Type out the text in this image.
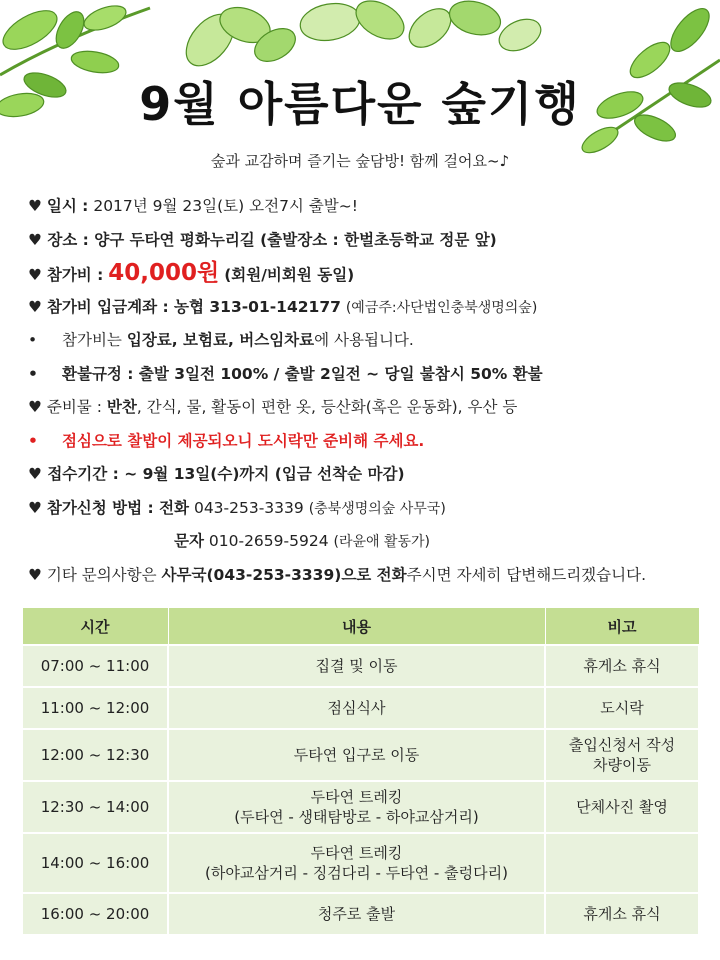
9월 아름다운 숲기행
숲과 교감하며 즐기는 숲담방! 함께 걸어요~♪
♥ 일시 : 2017년 9월 23일(토) 오전7시 출발~!
♥ 장소 : 양구 두타연 평화누리길 (출발장소 : 한벌초등학교 정문 앞)
♥ 참가비 : 40,000원 (회원/비회원 동일)
♥ 참가비 입금계좌 : 농협 313-01-142177 (예금주:사단법인충북생명의숲)
• 참가비는 입장료, 보험료, 버스임차료에 사용됩니다.
• 환불규정 : 출발 3일전 100% / 출발 2일전 ~ 당일 불참시 50% 환불
♥ 준비물 : 반찬, 간식, 물, 활동이 편한 옷, 등산화(혹은 운동화), 우산 등
• 점심으로 찰밥이 제공되오니 도시락만 준비해 주세요.
♥ 접수기간 : ~ 9월 13일(수)까지 (입금 선착순 마감)
♥ 참가신청 방법 : 전화 043-253-3339 (충북생명의숲 사무국)
문자 010-2659-5924 (라윤애 활동가)
♥ 기타 문의사항은 사무국(043-253-3339)으로 전화주시면 자세히 답변해드리겠습니다.
시간	내용	비고
07:00 ~ 11:00	집결 및 이동	휴게소 휴식

11:00 ~ 12:00	점심식사	도시락

12:00 ~ 12:30	두타연 입구로 이동	출입신청서 작성
차량이동

12:30 ~ 14:00	두타연 트레킹
(두타연 - 생태탐방로 - 하야교삼거리)	단체사진 촬영

14:00 ~ 16:00	두타연 트레킹
(하야교삼거리 - 징검다리 - 두타연 - 출렁다리)	

16:00 ~ 20:00	청주로 출발	휴게소 휴식
